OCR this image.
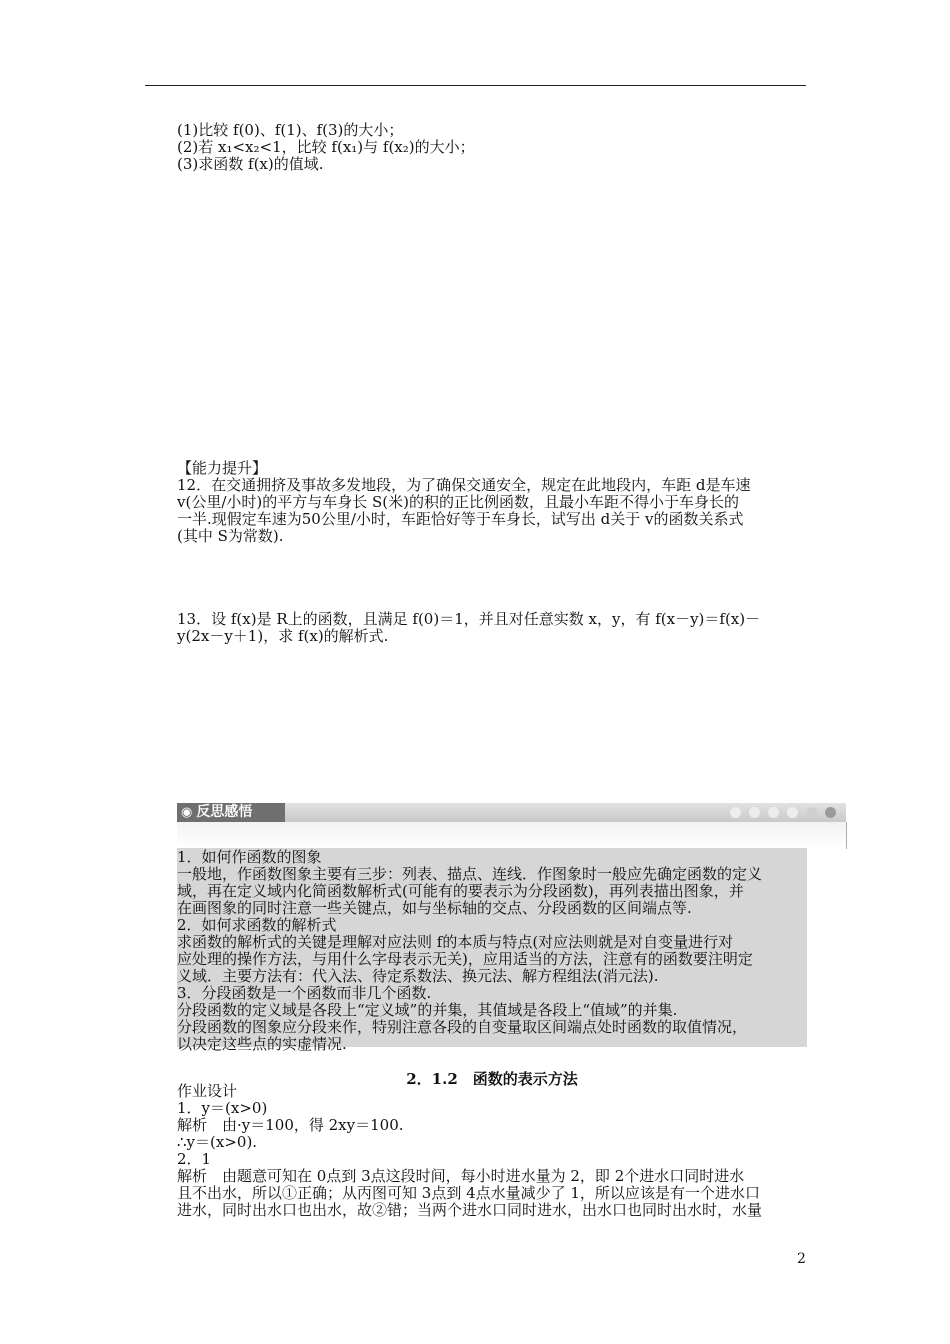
(1)比较 f(0)、f(1)、f(3)的大小；
(2)若 x₁<x₂<1，比较 f(x₁)与 f(x₂)的大小；
(3)求函数 f(x)的值域.
【能力提升】
12．在交通拥挤及事故多发地段，为了确保交通安全，规定在此地段内，车距 d是车速
v(公里/小时)的平方与车身长 S(米)的积的正比例函数，且最小车距不得小于车身长的
一半.现假定车速为50公里/小时，车距恰好等于车身长，试写出 d关于 v的函数关系式
(其中 S为常数).
13．设 f(x)是 R上的函数，且满足 f(0)＝1，并且对任意实数 x，y，有 f(x－y)＝f(x)－
y(2x－y＋1)，求 f(x)的解析式.
◉ 反思感悟
1．如何作函数的图象
一般地，作函数图象主要有三步：列表、描点、连线．作图象时一般应先确定函数的定义
域，再在定义域内化简函数解析式(可能有的要表示为分段函数)，再列表描出图象，并
在画图象的同时注意一些关键点，如与坐标轴的交点、分段函数的区间端点等.
2．如何求函数的解析式
求函数的解析式的关键是理解对应法则 f的本质与特点(对应法则就是对自变量进行对
应处理的操作方法，与用什么字母表示无关)，应用适当的方法，注意有的函数要注明定
义域．主要方法有：代入法、待定系数法、换元法、解方程组法(消元法).
3．分段函数是一个函数而非几个函数.
分段函数的定义域是各段上“定义域”的并集，其值域是各段上“值域”的并集.
分段函数的图象应分段来作，特别注意各段的自变量取区间端点处时函数的取值情况，
以决定这些点的实虚情况.
2．1.2　函数的表示方法
作业设计
1．y＝(x>0)
解析　由·y＝100，得 2xy＝100.
∴y＝(x>0).
2．1
解析　由题意可知在 0点到 3点这段时间，每小时进水量为 2，即 2个进水口同时进水
且不出水，所以①正确；从丙图可知 3点到 4点水量减少了 1，所以应该是有一个进水口
进水，同时出水口也出水，故②错；当两个进水口同时进水，出水口也同时出水时，水量
2
